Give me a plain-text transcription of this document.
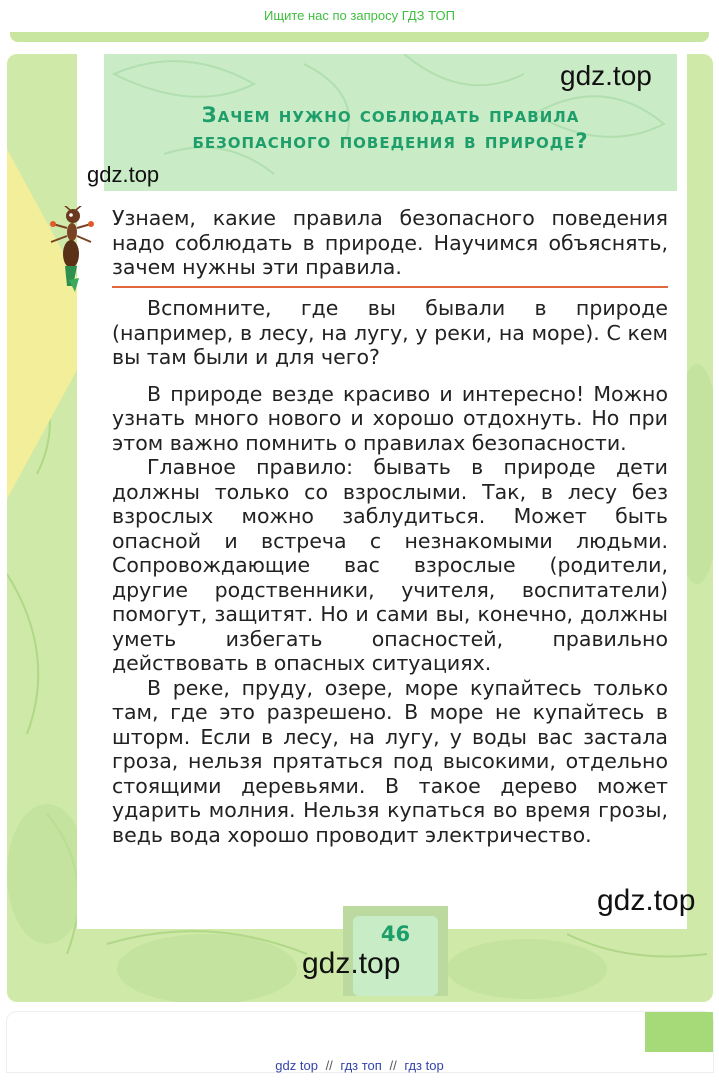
Ищите нас по запросу ГДЗ ТОП
Зачем нужно соблюдать правила
безопасного поведения в природе?
gdz.top
gdz.top
Узнаем, какие правила безопасного поведения надо соблюдать в природе. Научимся объяснять, зачем нужны эти правила.

Вспомните, где вы бывали в природе (например, в лесу, на лугу, у реки, на море). С кем вы там были и для чего?

В природе везде красиво и интересно! Можно узнать много нового и хорошо отдохнуть. Но при этом важно помнить о правилах безопасности.

Главное правило: бывать в природе дети должны только со взрослыми. Так, в лесу без взрослых можно заблудиться. Может быть опасной и встреча с незнакомыми людьми. Сопровождающие вас взрослые (родители, другие родственники, учителя, воспитатели) помогут, защитят. Но и сами вы, конечно, должны уметь избегать опасностей, правильно действовать в опасных ситуациях.

В реке, пруду, озере, море купайтесь только там, где это разрешено. В море не купайтесь в шторм. Если в лесу, на лугу, у воды вас застала гроза, нельзя прятаться под высокими, отдельно стоящими деревьями. В такое дерево может ударить молния. Нельзя купаться во время грозы, ведь вода хорошо проводит электричество.

46
gdz.top
gdz.top
gdz top // гдз топ // гдз top
